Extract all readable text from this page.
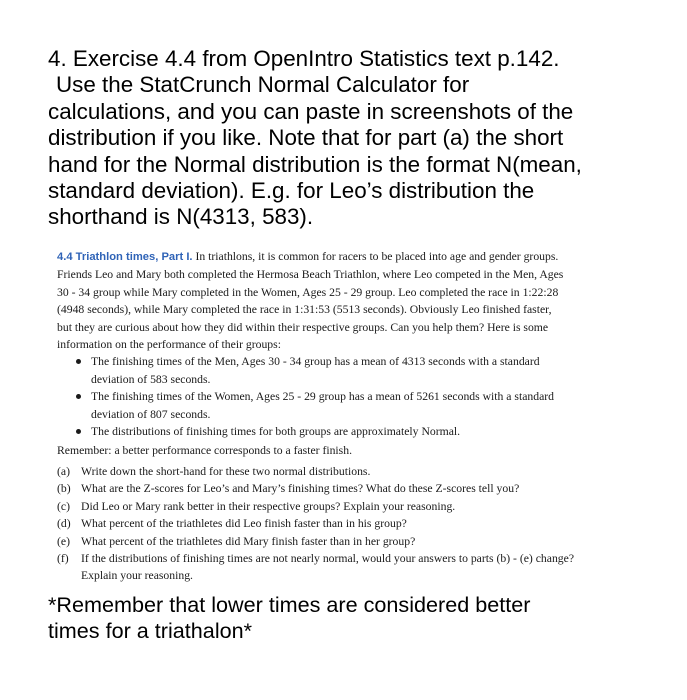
4. Exercise 4.4 from OpenIntro Statistics text p.142.
Use the StatCrunch Normal Calculator for
calculations, and you can paste in screenshots of the
distribution if you like. Note that for part (a) the short
hand for the Normal distribution is the format N(mean,
standard deviation). E.g. for Leo’s distribution the
shorthand is N(4313, 583).
4.4 Triathlon times, Part I. In triathlons, it is common for racers to be placed into age and gender groups.
Friends Leo and Mary both completed the Hermosa Beach Triathlon, where Leo competed in the Men, Ages
30 - 34 group while Mary completed in the Women, Ages 25 - 29 group. Leo completed the race in 1:22:28
(4948 seconds), while Mary completed the race in 1:31:53 (5513 seconds). Obviously Leo finished faster,
but they are curious about how they did within their respective groups. Can you help them? Here is some
information on the performance of their groups:
The finishing times of the Men, Ages 30 - 34 group has a mean of 4313 seconds with a standard
deviation of 583 seconds.
The finishing times of the Women, Ages 25 - 29 group has a mean of 5261 seconds with a standard
deviation of 807 seconds.
The distributions of finishing times for both groups are approximately Normal.
Remember: a better performance corresponds to a faster finish.
(a) Write down the short-hand for these two normal distributions.
(b) What are the Z-scores for Leo’s and Mary’s finishing times? What do these Z-scores tell you?
(c) Did Leo or Mary rank better in their respective groups? Explain your reasoning.
(d) What percent of the triathletes did Leo finish faster than in his group?
(e) What percent of the triathletes did Mary finish faster than in her group?
(f) If the distributions of finishing times are not nearly normal, would your answers to parts (b) - (e) change?
Explain your reasoning.
*Remember that lower times are considered better
times for a triathalon*
